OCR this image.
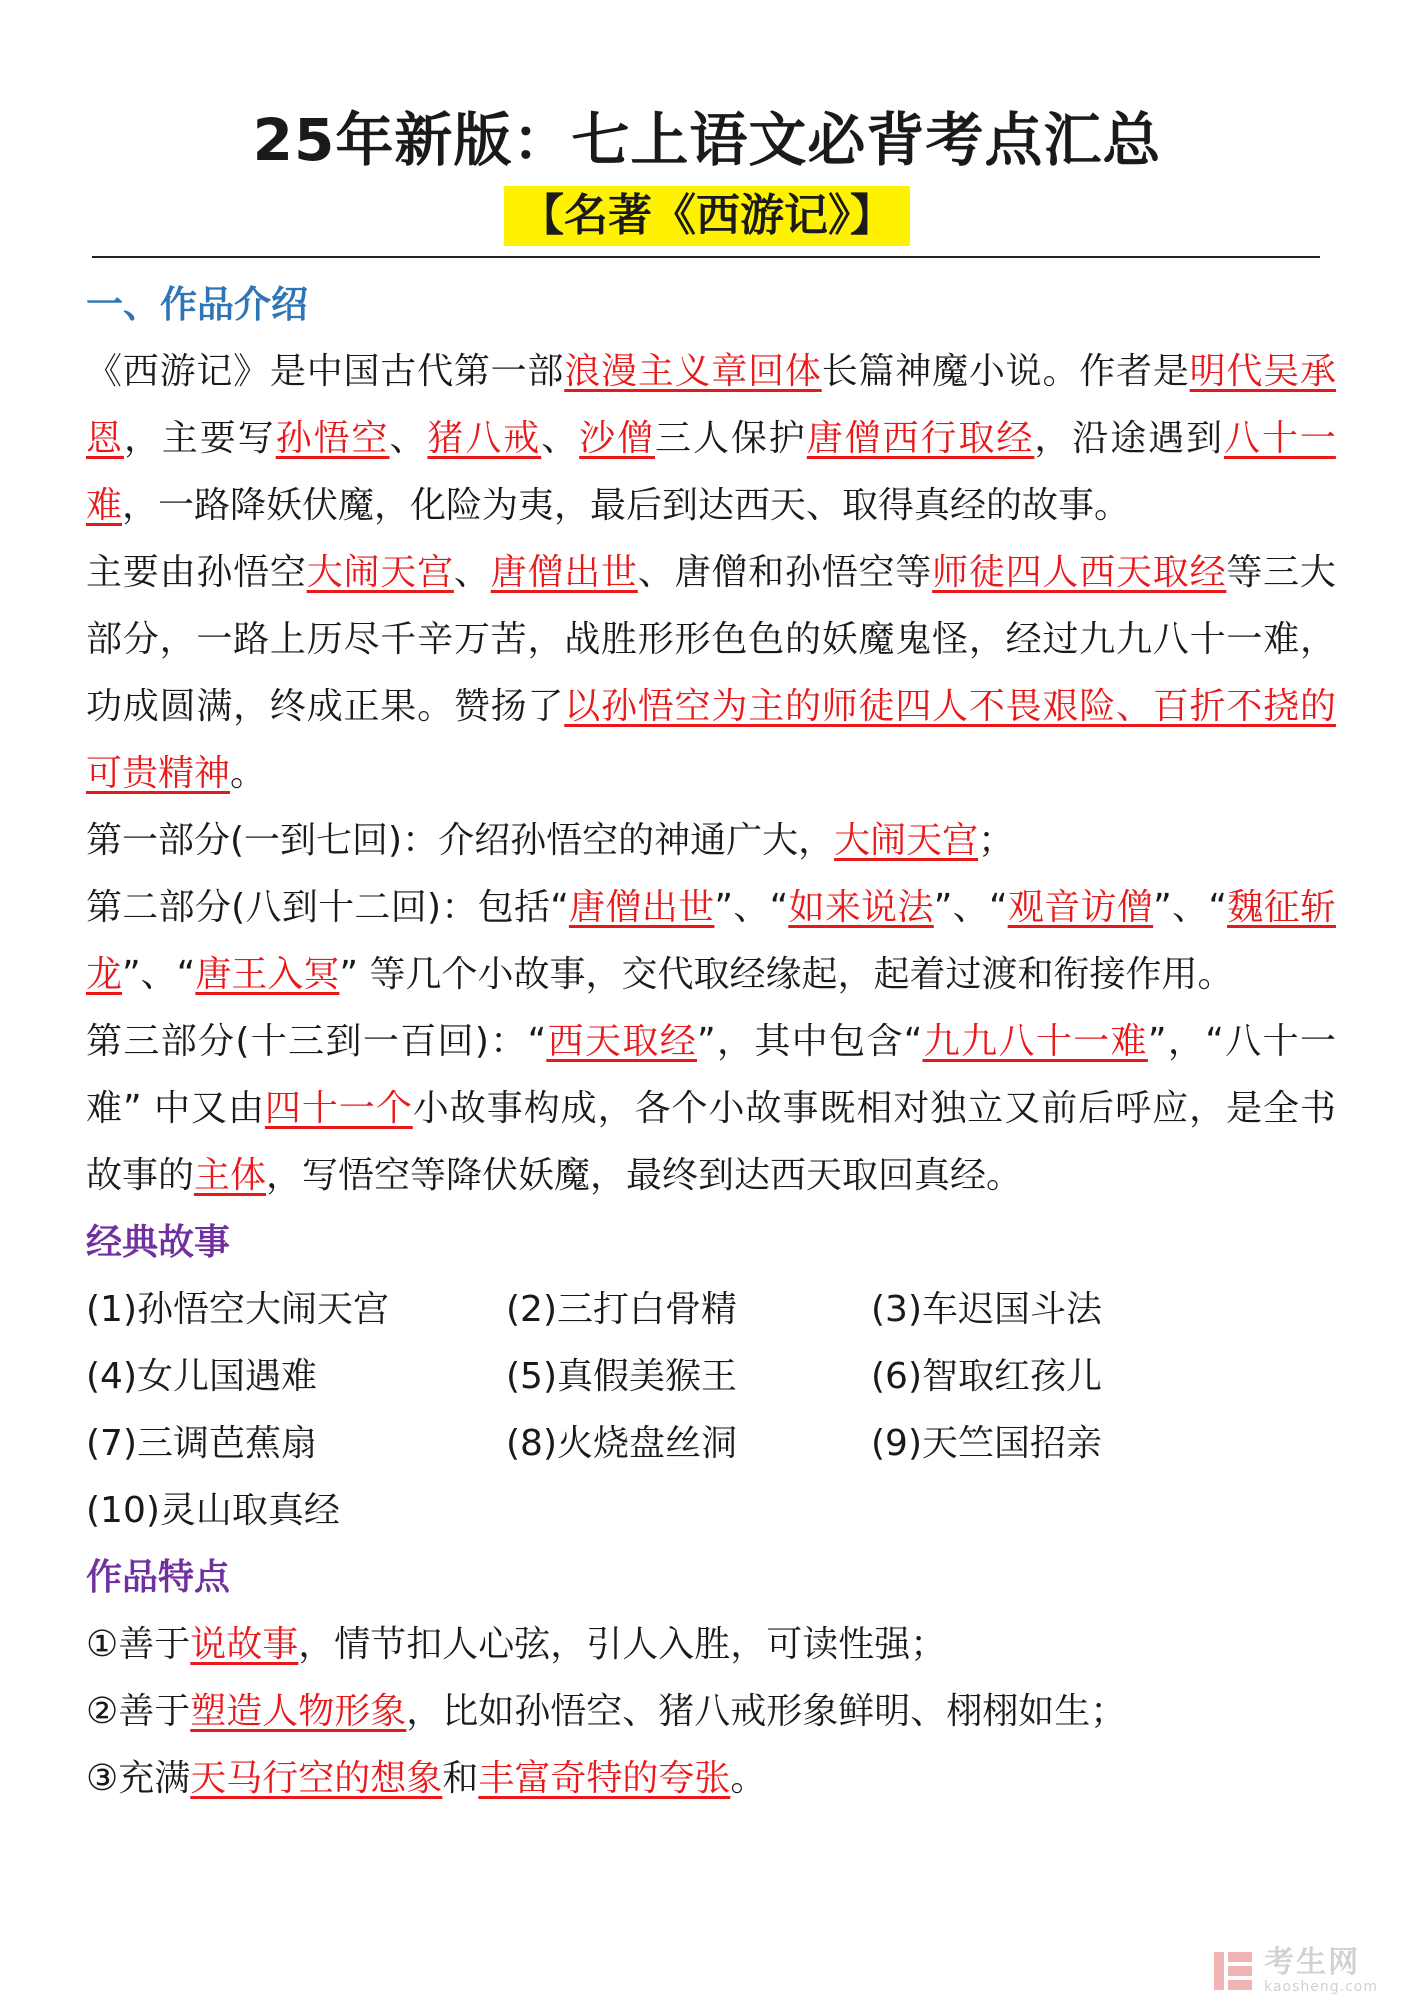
25年新版：七上语文必背考点汇总
【名著《西游记》】
一、作品介绍

《西游记》是中国古代第一部浪漫主义章回体长篇神魔小说。作者是明代吴承恩，主要写孙悟空、猪八戒、沙僧三人保护唐僧西行取经，沿途遇到八十一难，一路降妖伏魔，化险为夷，最后到达西天、取得真经的故事。

主要由孙悟空大闹天宫、唐僧出世、唐僧和孙悟空等师徒四人西天取经等三大部分，一路上历尽千辛万苦，战胜形形色色的妖魔鬼怪，经过九九八十一难，功成圆满，终成正果。赞扬了以孙悟空为主的师徒四人不畏艰险、百折不挠的可贵精神。

第一部分(一到七回)：介绍孙悟空的神通广大，大闹天宫；

第二部分(八到十二回)：包括“唐僧出世”、“如来说法”、“观音访僧”、“魏征斩龙”、“唐王入冥” 等几个小故事，交代取经缘起，起着过渡和衔接作用。

第三部分(十三到一百回)：“西天取经”，其中包含“九九八十一难”，“八十一难” 中又由四十一个小故事构成，各个小故事既相对独立又前后呼应，是全书故事的主体，写悟空等降伏妖魔，最终到达西天取回真经。

经典故事
(1)孙悟空大闹天宫	(2)三打白骨精	(3)车迟国斗法
(4)女儿国遇难	(5)真假美猴王	(6)智取红孩儿
(7)三调芭蕉扇	(8)火烧盘丝洞	(9)天竺国招亲
(10)灵山取真经
作品特点

①善于说故事，情节扣人心弦，引人入胜，可读性强；

②善于塑造人物形象，比如孙悟空、猪八戒形象鲜明、栩栩如生；

③充满天马行空的想象和丰富奇特的夸张。

考生网
kaosheng.com
